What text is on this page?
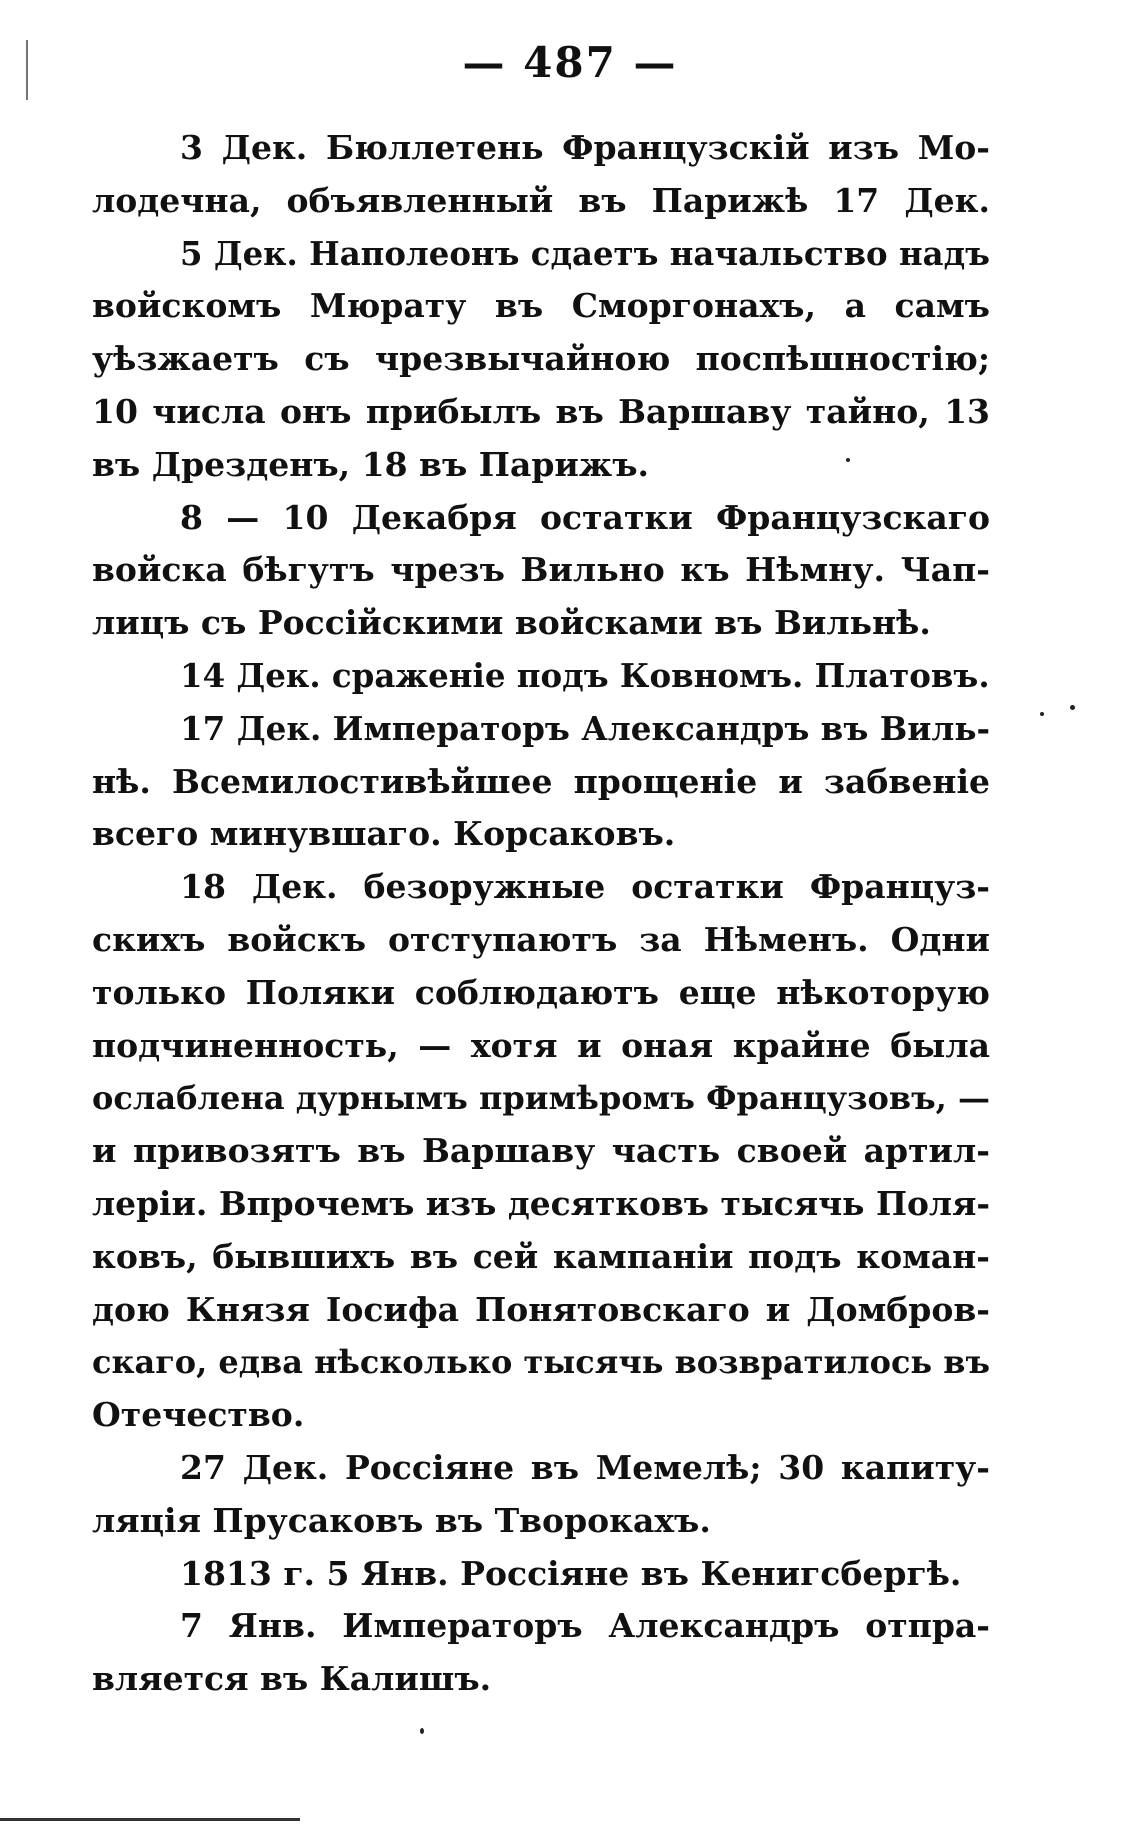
— 487 —
3 Дек. Бюллетень Французскій изъ Мо-
лодечна, объявленный въ Парижѣ 17 Дек.
5 Дек. Наполеонъ сдаетъ начальство надъ
войскомъ Мюрату въ Сморгонахъ, а самъ
уѣзжаетъ съ чрезвычайною поспѣшностію;
10 числа онъ прибылъ въ Варшаву тайно, 13
въ Дрезденъ, 18 въ Парижъ.
8 — 10 Декабря остатки Французскаго
войска бѣгутъ чрезъ Вильно къ Нѣмну. Чап-
лицъ съ Россійскими войсками въ Вильнѣ.
14 Дек. сраженіе подъ Ковномъ. Платовъ.
17 Дек. Императоръ Александръ въ Виль-
нѣ. Всемилостивѣйшее прощеніе и забвеніе
всего минувшаго. Корсаковъ.
18 Дек. безоружные остатки Француз-
скихъ войскъ отступаютъ за Нѣменъ. Одни
только Поляки соблюдаютъ еще нѣкоторую
подчиненность, — хотя и оная крайне была
ослаблена дурнымъ примѣромъ Французовъ, —
и привозятъ въ Варшаву часть своей артил-
леріи. Впрочемъ изъ десятковъ тысячь Поля-
ковъ, бывшихъ въ сей кампаніи подъ коман-
дою Князя Іосифа Понятовскаго и Домбров-
скаго, едва нѣсколько тысячь возвратилось въ
Отечество.
27 Дек. Россіяне въ Мемелѣ; 30 капиту-
ляція Прусаковъ въ Творокахъ.
1813 г. 5 Янв. Россіяне въ Кенигсбергѣ.
7 Янв. Императоръ Александръ отпра-
вляется въ Калишъ.
